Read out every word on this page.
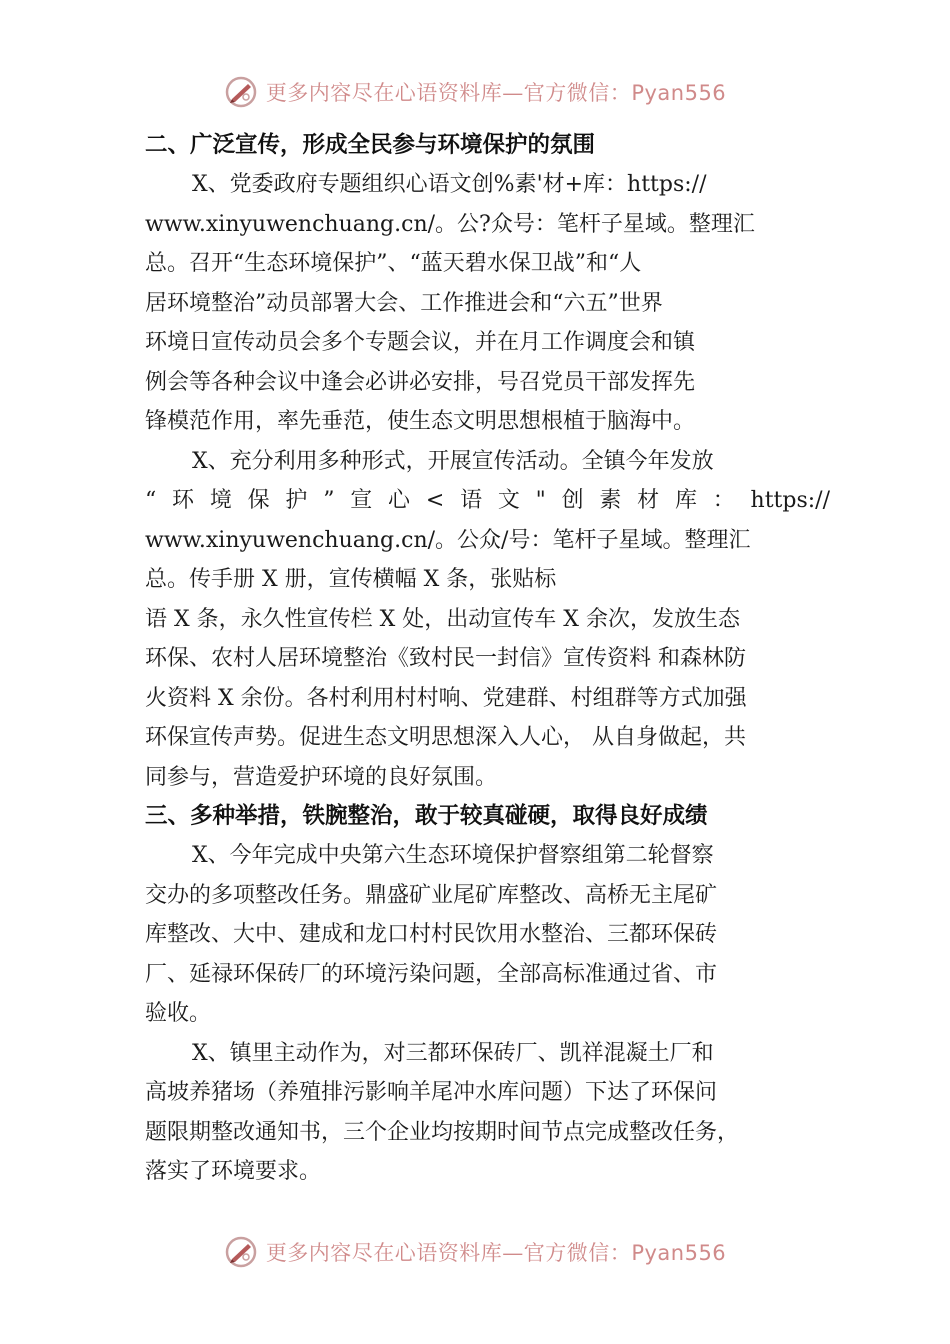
更多内容尽在心语资料库—官方微信：Pyan556
二、广泛宣传，形成全民参与环境保护的氛围
X、党委政府专题组织心语文创%素'材+库：https://
www.xinyuwenchuang.cn/。公?众号：笔杆子星域。整理汇
总。召开“生态环境保护”、“蓝天碧水保卫战”和“人
居环境整治”动员部署大会、工作推进会和“六五”世界
环境日宣传动员会多个专题会议，并在月工作调度会和镇
例会等各种会议中逢会必讲必安排，号召党员干部发挥先
锋模范作用，率先垂范，使生态文明思想根植于脑海中。
X、充分利用多种形式，开展宣传活动。全镇今年发放
“环境保护”宣心<语文"创素材库：https://
www.xinyuwenchuang.cn/。公众/号：笔杆子星域。整理汇
总。传手册 X 册，宣传横幅 X 条，张贴标
语 X 条，永久性宣传栏 X 处，出动宣传车 X 余次，发放生态
环保、农村人居环境整治《致村民一封信》宣传资料 和森林防
火资料 X 余份。各村利用村村响、党建群、村组群等方式加强
环保宣传声势。促进生态文明思想深入人心， 从自身做起，共
同参与，营造爱护环境的良好氛围。
三、多种举措，铁腕整治，敢于较真碰硬，取得良好成绩
X、今年完成中央第六生态环境保护督察组第二轮督察
交办的多项整改任务。鼎盛矿业尾矿库整改、高桥无主尾矿
库整改、大中、建成和龙口村村民饮用水整治、三都环保砖
厂、延禄环保砖厂的环境污染问题，全部高标准通过省、市
验收。
X、镇里主动作为，对三都环保砖厂、凯祥混凝土厂和
高坡养猪场（养殖排污影响羊尾冲水库问题）下达了环保问
题限期整改通知书，三个企业均按期时间节点完成整改任务，
落实了环境要求。
更多内容尽在心语资料库—官方微信：Pyan556
